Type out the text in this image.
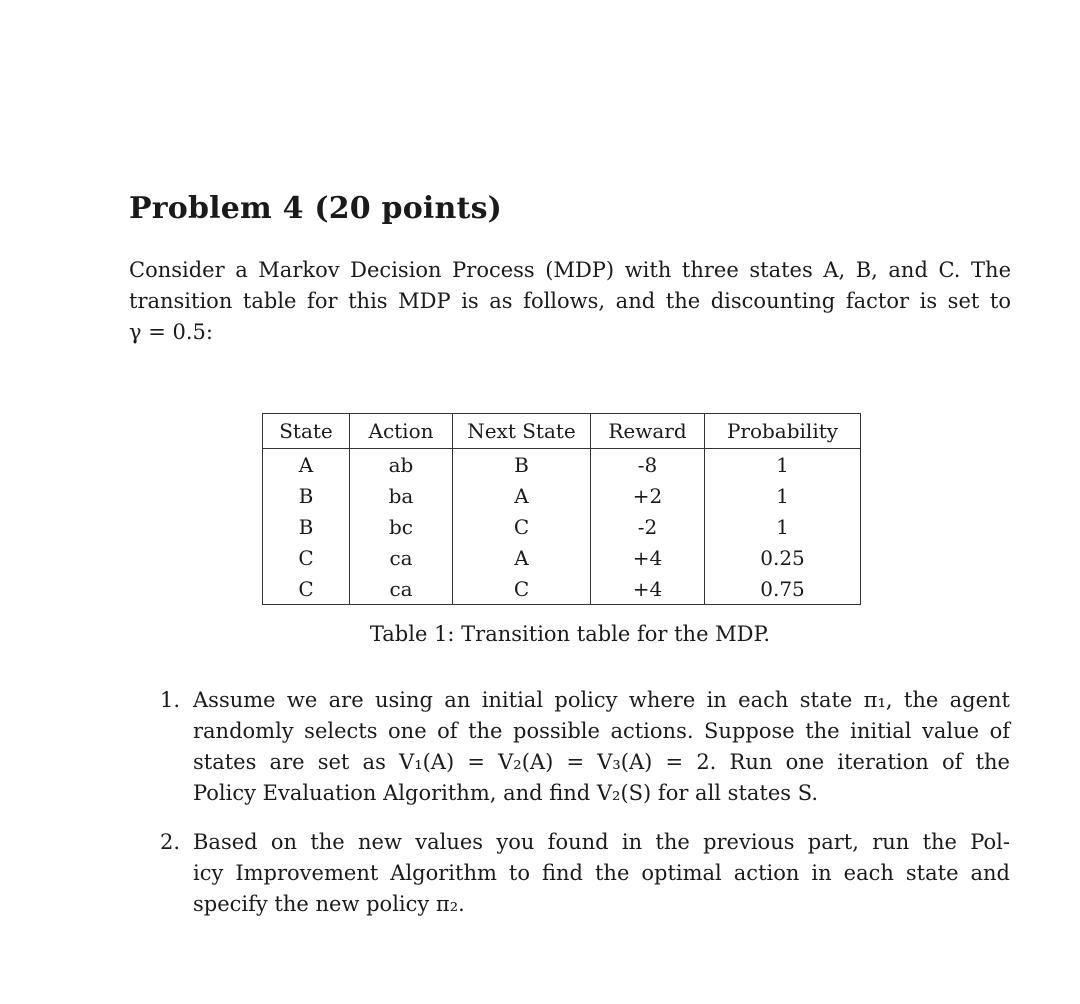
Problem 4 (20 points)
Consider a Markov Decision Process (MDP) with three states A, B, and C. The
transition table for this MDP is as follows, and the discounting factor is set to
γ = 0.5:
State	Action	Next State	Reward	Probability
A	ab	B	-8	1
B	ba	A	+2	1
B	bc	C	-2	1
C	ca	A	+4	0.25
C	ca	C	+4	0.75
Table 1: Transition table for the MDP.
1. Assume we are using an initial policy where in each state π₁, the agent
randomly selects one of the possible actions. Suppose the initial value of
states are set as V₁(A) = V₂(A) = V₃(A) = 2. Run one iteration of the
Policy Evaluation Algorithm, and find V₂(S) for all states S.
2. Based on the new values you found in the previous part, run the Pol-
icy Improvement Algorithm to find the optimal action in each state and
specify the new policy π₂.
